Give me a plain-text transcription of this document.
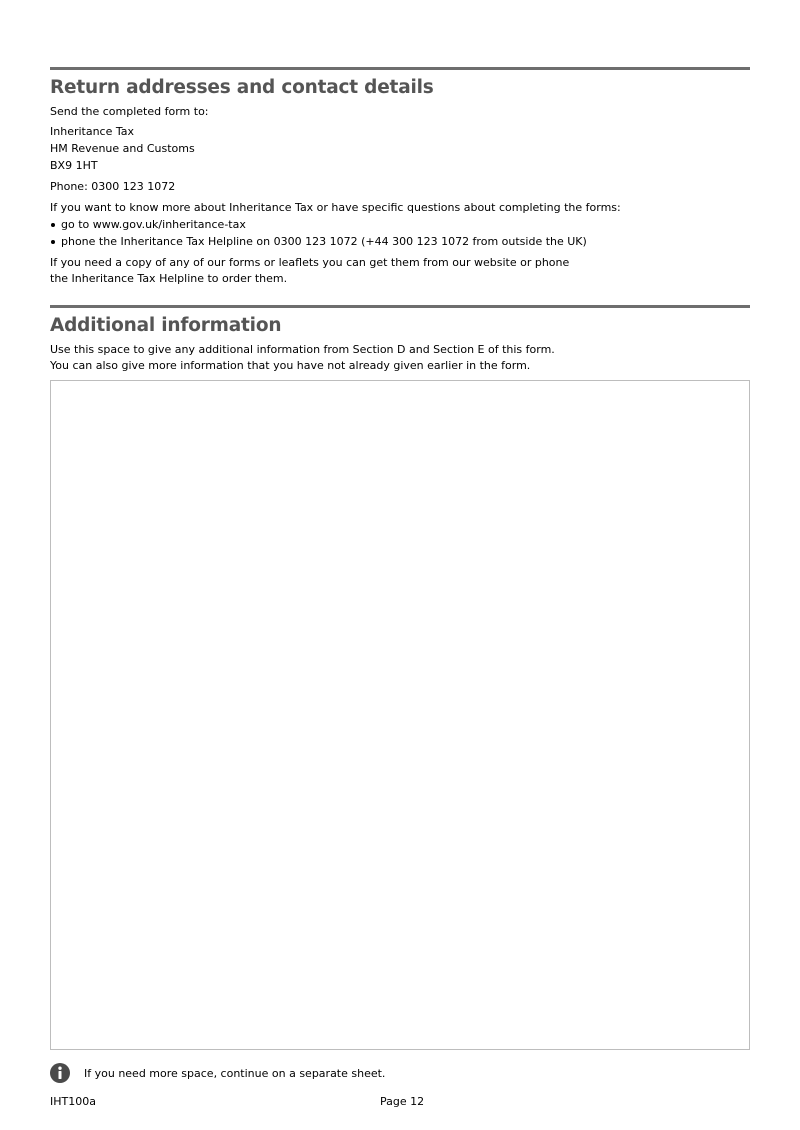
Return addresses and contact details

Send the completed form to:

Inheritance Tax

HM Revenue and Customs

BX9 1HT

Phone: 0300 123 1072

If you want to know more about Inheritance Tax or have specific questions about completing the forms:

go to www.gov.uk/inheritance-tax
phone the Inheritance Tax Helpline on 0300 123 1072 (+44 300 123 1072 from outside the UK)

If you need a copy of any of our forms or leaflets you can get them from our website or phone

the Inheritance Tax Helpline to order them.

Additional information

Use this space to give any additional information from Section D and Section E of this form.

You can also give more information that you have not already given earlier in the form.

If you need more space, continue on a separate sheet.

IHT100a	Page 12
